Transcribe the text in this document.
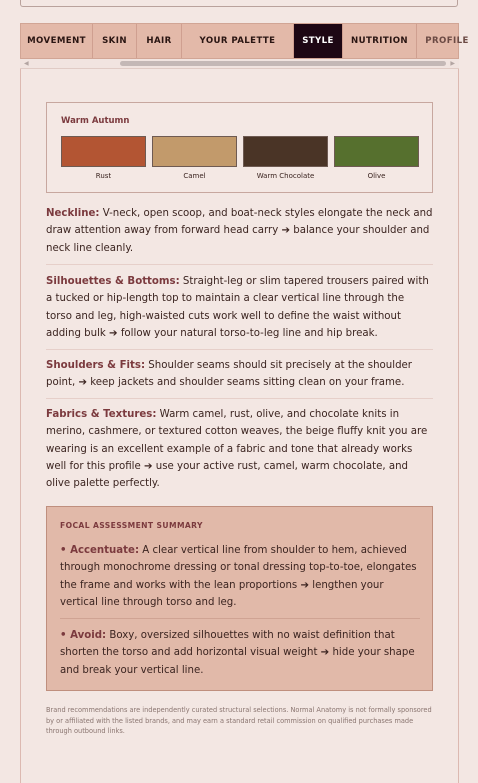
MOVEMENT	SKIN	HAIR	YOUR PALETTE	STYLE	NUTRITION	PROFILE
◀	▶
Warm Autumn
Rust	Camel	Warm Chocolate	Olive

Neckline: V-neck, open scoop, and boat-neck styles elongate the neck and draw attention away from forward head carry ➔ balance your shoulder and neck line cleanly.

Silhouettes & Bottoms: Straight-leg or slim tapered trousers paired with a tucked or hip-length top to maintain a clear vertical line through the torso and leg, high-waisted cuts work well to define the waist without adding bulk ➔ follow your natural torso-to-leg line and hip break.

Shoulders & Fits: Shoulder seams should sit precisely at the shoulder point, ➔ keep jackets and shoulder seams sitting clean on your frame.

Fabrics & Textures: Warm camel, rust, olive, and chocolate knits in merino, cashmere, or textured cotton weaves, the beige fluffy knit you are wearing is an excellent example of a fabric and tone that already works well for this profile ➔ use your active rust, camel, warm chocolate, and olive palette perfectly.

FOCAL ASSESSMENT SUMMARY

• Accentuate: A clear vertical line from shoulder to hem, achieved through monochrome dressing or tonal dressing top-to-toe, elongates the frame and works with the lean proportions ➔ lengthen your vertical line through torso and leg.

• Avoid: Boxy, oversized silhouettes with no waist definition that shorten the torso and add horizontal visual weight ➔ hide your shape and break your vertical line.

Brand recommendations are independently curated structural selections. Normal Anatomy is not formally sponsored by or affiliated with the listed brands, and may earn a standard retail commission on qualified purchases made through outbound links.
